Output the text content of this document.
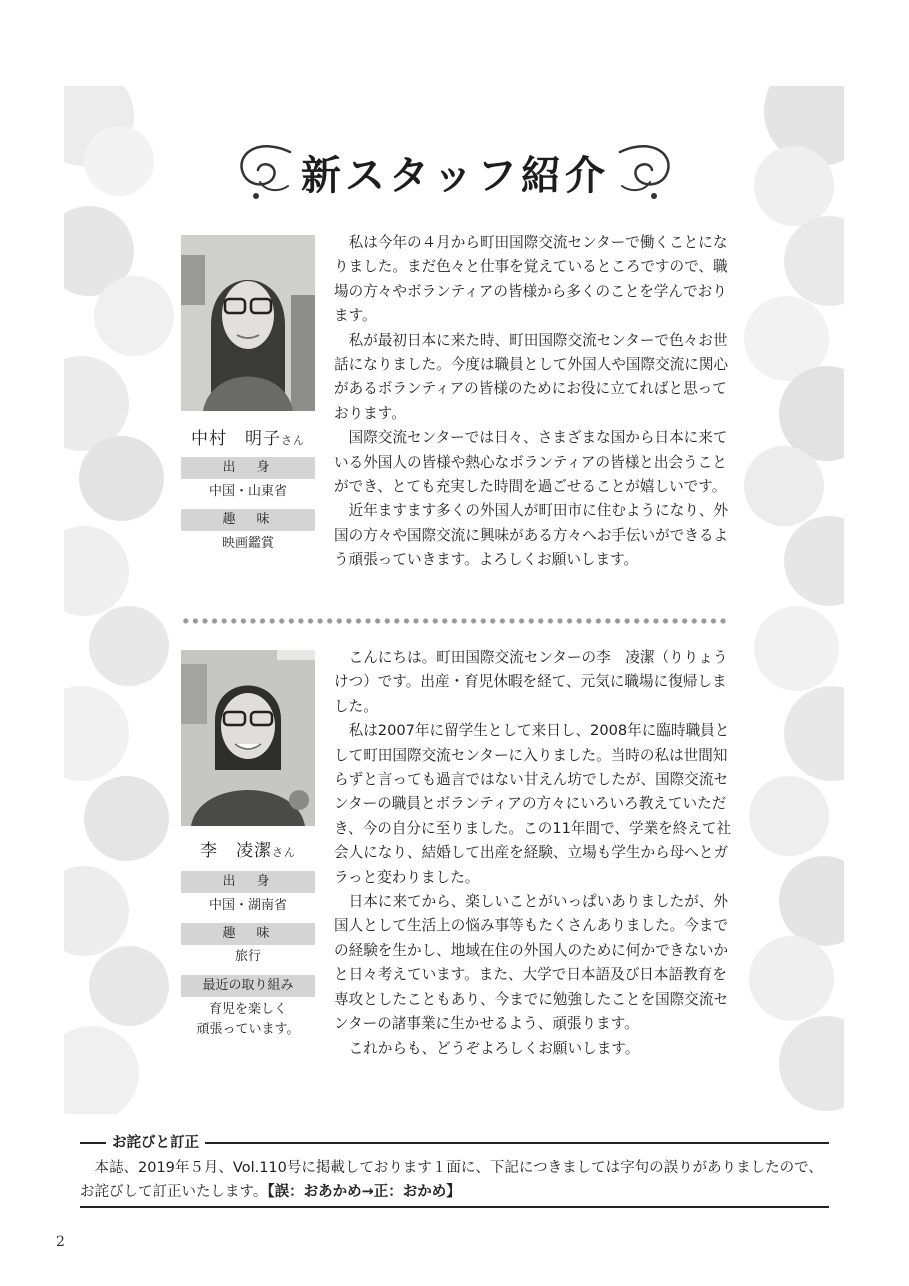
新スタッフ紹介
中村　明子さん
出　身
中国・山東省
趣　味
映画鑑賞

私は今年の４月から町田国際交流センターで働くことになりました。まだ色々と仕事を覚えているところですので、職場の方々やボランティアの皆様から多くのことを学んでおります。

私が最初日本に来た時、町田国際交流センターで色々お世話になりました。今度は職員として外国人や国際交流に関心があるボランティアの皆様のためにお役に立てればと思っております。

国際交流センターでは日々、さまざまな国から日本に来ている外国人の皆様や熱心なボランティアの皆様と出会うことができ、とても充実した時間を過ごせることが嬉しいです。

近年ますます多くの外国人が町田市に住むようになり、外国の方々や国際交流に興味がある方々へお手伝いができるよう頑張っていきます。よろしくお願いします。

李　凌潔さん
出　身
中国・湖南省
趣　味
旅行
最近の取り組み
育児を楽しく
頑張っています。

こんにちは。町田国際交流センターの李　凌潔（りりょうけつ）です。出産・育児休暇を経て、元気に職場に復帰しました。

私は2007年に留学生として来日し、2008年に臨時職員として町田国際交流センターに入りました。当時の私は世間知らずと言っても過言ではない甘えん坊でしたが、国際交流センターの職員とボランティアの方々にいろいろ教えていただき、今の自分に至りました。この11年間で、学業を終えて社会人になり、結婚して出産を経験、立場も学生から母へとガラっと変わりました。

日本に来てから、楽しいことがいっぱいありましたが、外国人として生活上の悩み事等もたくさんありました。今までの経験を生かし、地域在住の外国人のために何かできないかと日々考えています。また、大学で日本語及び日本語教育を専攻としたこともあり、今までに勉強したことを国際交流センターの諸事業に生かせるよう、頑張ります。

これからも、どうぞよろしくお願いします。

お詫びと訂正

本誌、2019年５月、Vol.110号に掲載しております１面に、下記につきましては字句の誤りがありましたので、お詫びして訂正いたします。【誤：おあかめ→正：おかめ】

2
